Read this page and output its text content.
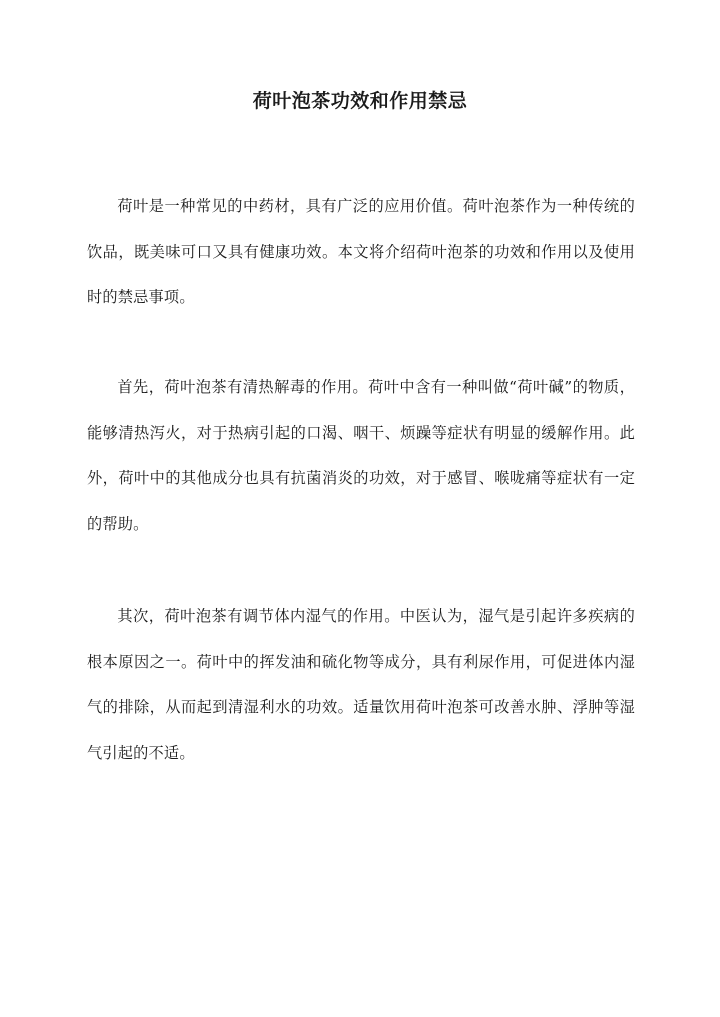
荷叶泡茶功效和作用禁忌

荷叶是一种常见的中药材，具有广泛的应用价值。荷叶泡茶作为一种传统的饮品，既美味可口又具有健康功效。本文将介绍荷叶泡茶的功效和作用以及使用时的禁忌事项。

首先，荷叶泡茶有清热解毒的作用。荷叶中含有一种叫做“荷叶碱”的物质，能够清热泻火，对于热病引起的口渴、咽干、烦躁等症状有明显的缓解作用。此外，荷叶中的其他成分也具有抗菌消炎的功效，对于感冒、喉咙痛等症状有一定的帮助。

其次，荷叶泡茶有调节体内湿气的作用。中医认为，湿气是引起许多疾病的根本原因之一。荷叶中的挥发油和硫化物等成分，具有利尿作用，可促进体内湿气的排除，从而起到清湿利水的功效。适量饮用荷叶泡茶可改善水肿、浮肿等湿气引起的不适。
